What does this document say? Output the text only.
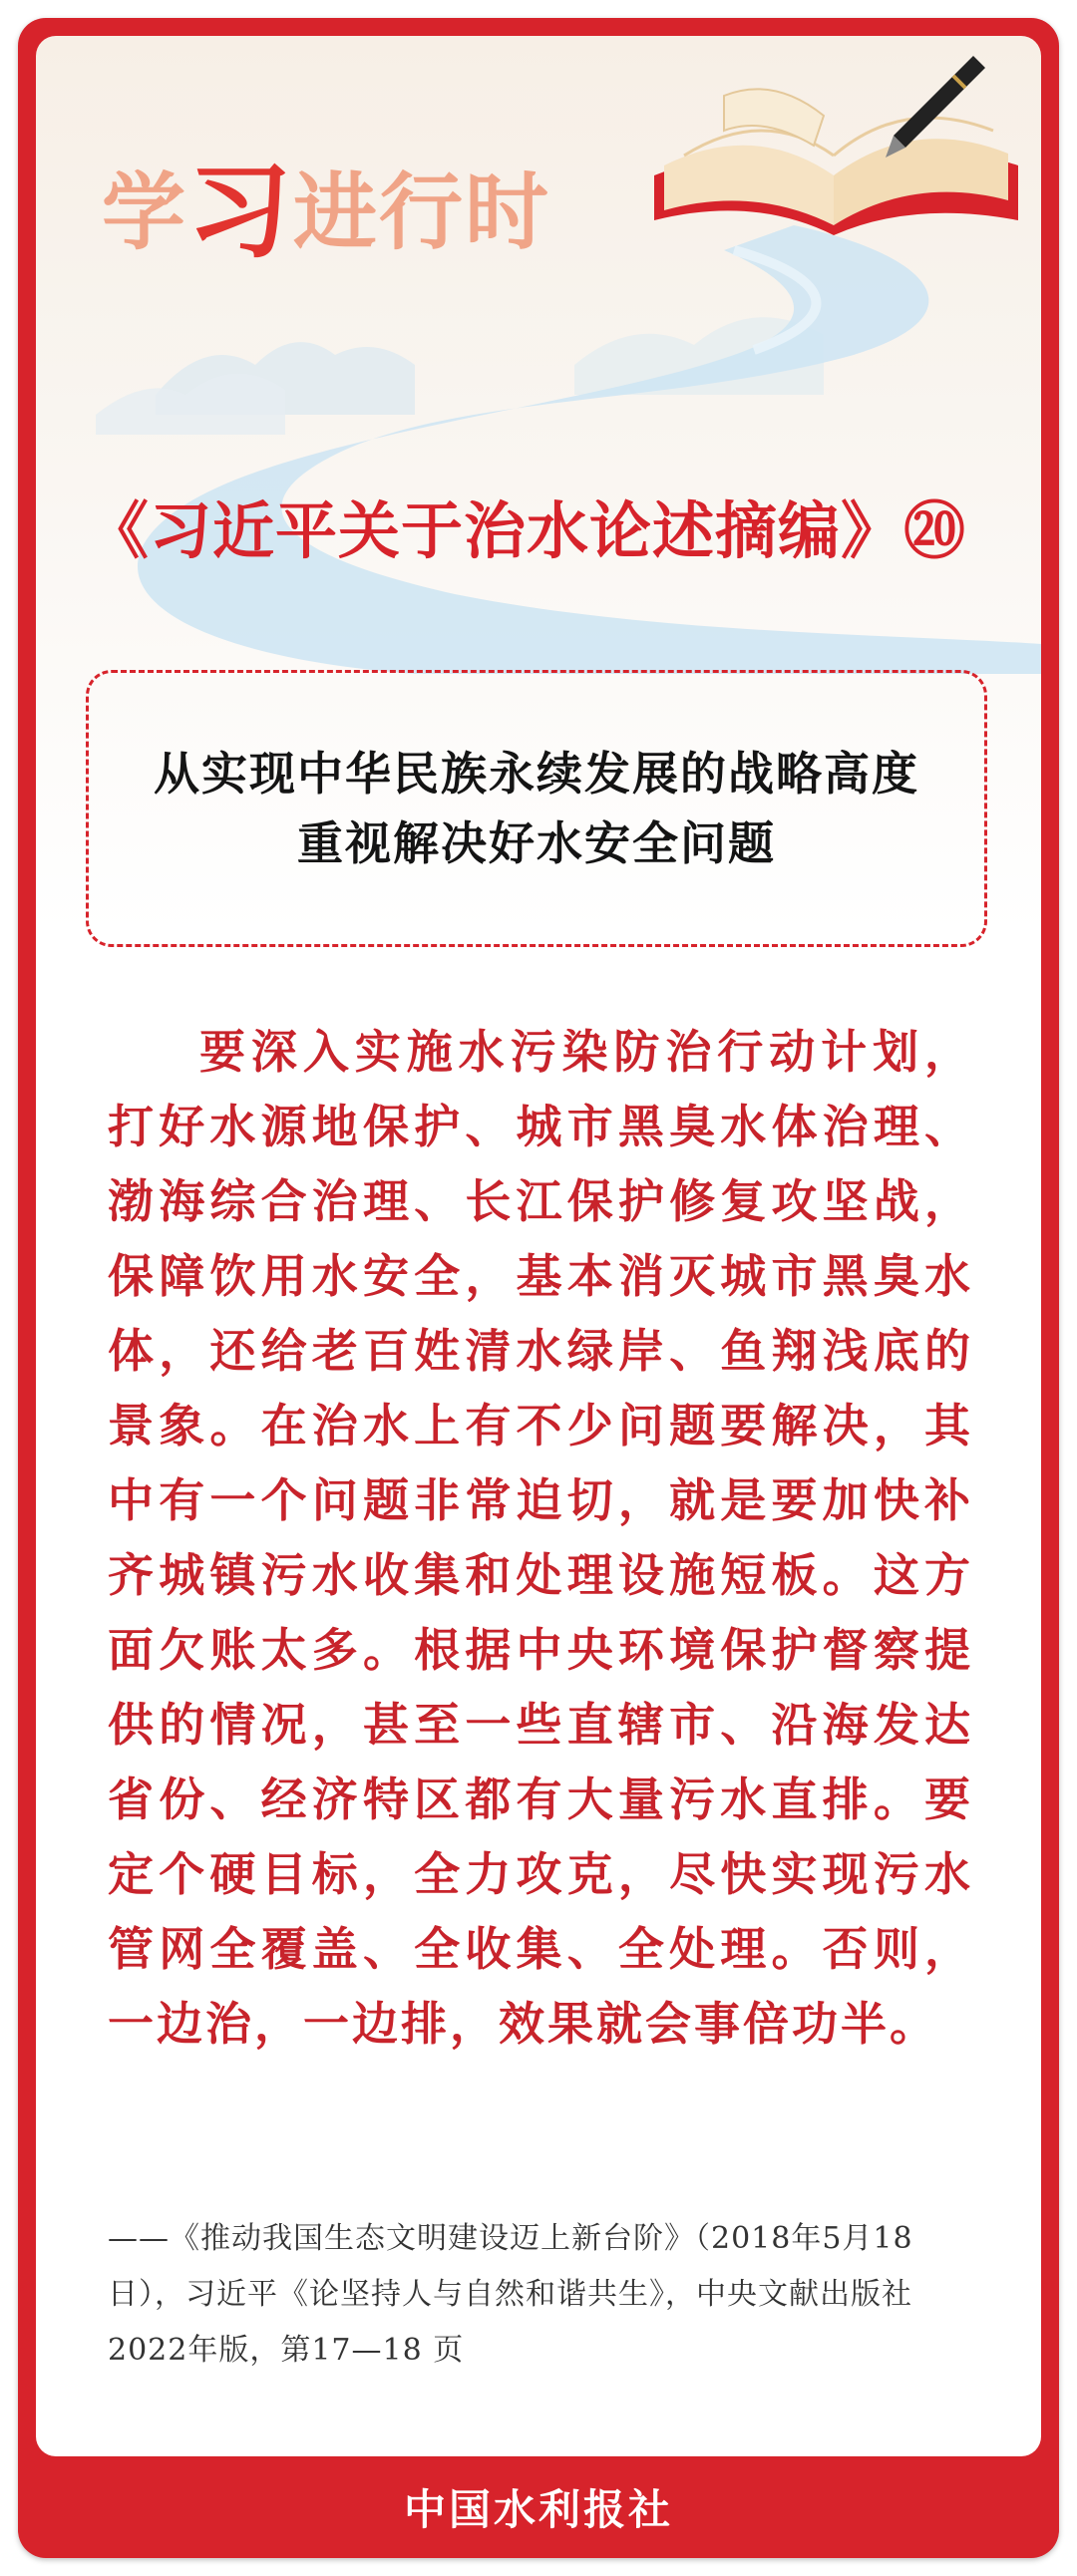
学习进行时
《习近平关于治水论述摘编》⑳
从实现中华民族永续发展的战略高度
重视解决好水安全问题
要深入实施水污染防治行动计划，打好水源地保护、城市黑臭水体治理、渤海综合治理、长江保护修复攻坚战，保障饮用水安全，基本消灭城市黑臭水体，还给老百姓清水绿岸、鱼翔浅底的景象。在治水上有不少问题要解决，其中有一个问题非常迫切，就是要加快补齐城镇污水收集和处理设施短板。这方面欠账太多。根据中央环境保护督察提供的情况，甚至一些直辖市、沿海发达省份、经济特区都有大量污水直排。要定个硬目标，全力攻克，尽快实现污水管网全覆盖、全收集、全处理。否则，一边治，一边排，效果就会事倍功半。
——《推动我国生态文明建设迈上新台阶》（2018年5月18日），习近平《论坚持人与自然和谐共生》，中央文献出版社2022年版，第17—18 页
中国水利报社
